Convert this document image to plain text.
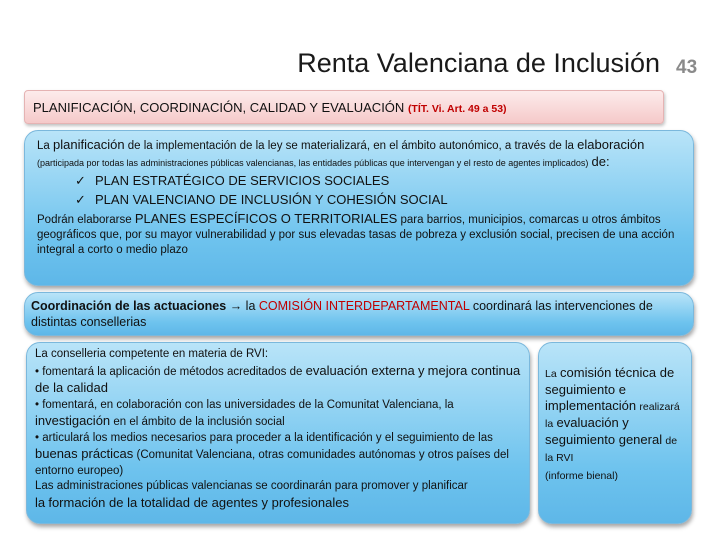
Renta Valenciana de Inclusión 43
PLANIFICACIÓN, COORDINACIÓN, CALIDAD Y EVALUACIÓN (TÍT. Vi. Art. 49 a 53)
La planificación de la implementación de la ley se materializará, en el ámbito autonómico, a través de la elaboración (participada por todas las administraciones públicas valencianas, las entidades públicas que intervengan y el resto de agentes implicados) de:
✓ PLAN ESTRATÉGICO DE SERVICIOS SOCIALES
✓ PLAN VALENCIANO DE INCLUSIÓN Y COHESIÓN SOCIAL
Podrán elaborarse PLANES ESPECÍFICOS O TERRITORIALES para barrios, municipios, comarcas u otros ámbitos geográficos que, por su mayor vulnerabilidad y por sus elevadas tasas de pobreza y exclusión social, precisen de una acción integral a corto o medio plazo
Coordinación de las actuaciones → la COMISIÓN INTERDEPARTAMENTAL coordinará las intervenciones de distintas consellerias
La conselleria competente en materia de RVI:
• fomentará la aplicación de métodos acreditados de evaluación externa y mejora continua de la calidad
• fomentará, en colaboración con las universidades de la Comunitat Valenciana, la investigación en el ámbito de la inclusión social
• articulará los medios necesarios para proceder a la identificación y el seguimiento de las buenas prácticas (Comunitat Valenciana, otras comunidades autónomas y otros países del entorno europeo)
Las administraciones públicas valencianas se coordinarán para promover y planificar
la formación de la totalidad de agentes y profesionales
La comisión técnica de seguimiento e implementación realizará la evaluación y seguimiento general de la RVI
(informe bienal)
